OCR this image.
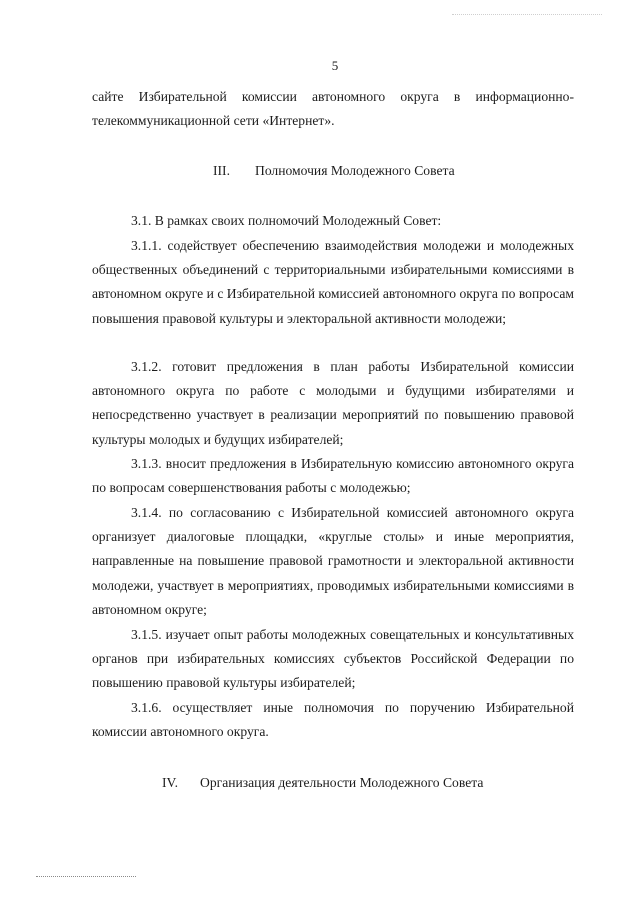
5
сайте Избирательной комиссии автономного округа в информационно-телекоммуникационной сети «Интернет».
III. Полномочия Молодежного Совета
3.1. В рамках своих полномочий Молодежный Совет:
3.1.1. содействует обеспечению взаимодействия молодежи и молодежных общественных объединений с территориальными избирательными комиссиями в автономном округе и с Избирательной комиссией автономного округа по вопросам повышения правовой культуры и электоральной активности молодежи;
3.1.2. готовит предложения в план работы Избирательной комиссии автономного округа по работе с молодыми и будущими избирателями и непосредственно участвует в реализации мероприятий по повышению правовой культуры молодых и будущих избирателей;
3.1.3. вносит предложения в Избирательную комиссию автономного округа по вопросам совершенствования работы с молодежью;
3.1.4. по согласованию с Избирательной комиссией автономного округа организует диалоговые площадки, «круглые столы» и иные мероприятия, направленные на повышение правовой грамотности и электоральной активности молодежи, участвует в мероприятиях, проводимых избирательными комиссиями в автономном округе;
3.1.5. изучает опыт работы молодежных совещательных и консультативных органов при избирательных комиссиях субъектов Российской Федерации по повышению правовой культуры избирателей;
3.1.6. осуществляет иные полномочия по поручению Избирательной комиссии автономного округа.
IV. Организация деятельности Молодежного Совета
